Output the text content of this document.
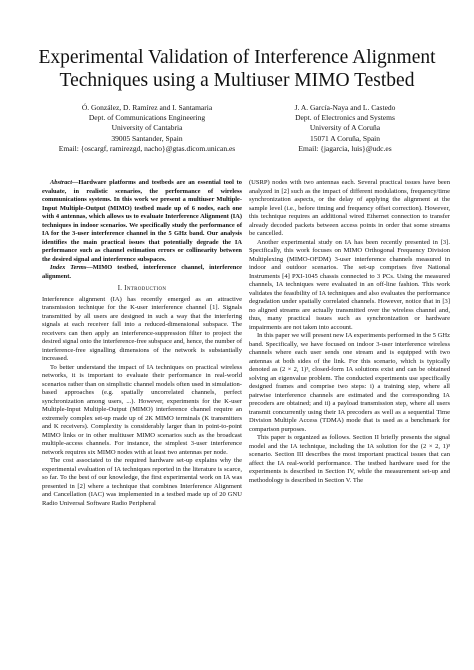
Experimental Validation of Interference Alignment Techniques using a Multiuser MIMO Testbed
Ó. González, D. Ramírez and I. Santamaria
Dept. of Communications Engineering
University of Cantabria
39005 Santander, Spain
Email: {oscargf, ramirezgd, nacho}@gtas.dicom.unican.es
J. A. García-Naya and L. Castedo
Dept. of Electronics and Systems
University of A Coruña
15071 A Coruña, Spain
Email: {jagarcia, luis}@udc.es

Abstract—Hardware platforms and testbeds are an essential tool to evaluate, in realistic scenarios, the performance of wireless communications systems. In this work we present a multiuser Multiple-Input Multiple-Output (MIMO) testbed made up of 6 nodes, each one with 4 antennas, which allows us to evaluate Interference Alignment (IA) techniques in indoor scenarios. We specifically study the performance of IA for the 3-user interference channel in the 5 GHz band. Our analysis identifies the main practical issues that potentially degrade the IA performance such as channel estimation errors or collinearity between the desired signal and interference subspaces.

Index Terms—MIMO testbed, interference channel, interference alignment.

I. Introduction

Interference alignment (IA) has recently emerged as an attractive transmission technique for the K-user interference channel [1]. Signals transmitted by all users are designed in such a way that the interfering signals at each receiver fall into a reduced-dimensional subspace. The receivers can then apply an interference-suppression filter to project the desired signal onto the interference-free subspace and, hence, the number of interference-free signalling dimensions of the network is substantially increased.

To better understand the impact of IA techniques on practical wireless networks, it is important to evaluate their performance in real-world scenarios rather than on simplistic channel models often used in simulation-based approaches (e.g. spatially uncorrelated channels, perfect synchronization among users, ...). However, experiments for the K-user Multiple-Input Multiple-Output (MIMO) interference channel require an extremely complex set-up made up of 2K MIMO terminals (K transmitters and K receivers). Complexity is considerably larger than in point-to-point MIMO links or in other multiuser MIMO scenarios such as the broadcast multiple-access channels. For instance, the simplest 3-user interference network requires six MIMO nodes with at least two antennas per node.

The cost associated to the required hardware set-up explains why the experimental evaluation of IA techniques reported in the literature is scarce, so far. To the best of our knowledge, the first experimental work on IA was presented in [2] where a technique that combines Interference Alignment and Cancellation (IAC) was implemented in a testbed made up of 20 GNU Radio Universal Software Radio Peripheral

(USRP) nodes with two antennas each. Several practical issues have been analyzed in [2] such as the impact of different modulations, frequency/time synchronization aspects, or the delay of applying the alignment at the sample level (i.e., before timing and frequency offset correction). However, this technique requires an additional wired Ethernet connection to transfer already decoded packets between access points in order that some streams be cancelled.

Another experimental study on IA has been recently presented in [3]. Specifically, this work focuses on MIMO Orthogonal Frequency Division Multiplexing (MIMO-OFDM) 3-user interference channels measured in indoor and outdoor scenarios. The set-up comprises five National Instruments [4] PXI-1045 chassis connected to 3 PCs. Using the measured channels, IA techniques were evaluated in an off-line fashion. This work validates the feasibility of IA techniques and also evaluates the performance degradation under spatially correlated channels. However, notice that in [3] no aligned streams are actually transmitted over the wireless channel and, thus, many practical issues such as synchronization or hardware impairments are not taken into account.

In this paper we will present new IA experiments performed in the 5 GHz band. Specifically, we have focused on indoor 3-user interference wireless channels where each user sends one stream and is equipped with two antennas at both sides of the link. For this scenario, which is typically denoted as (2 × 2, 1)³, closed-form IA solutions exist and can be obtained solving an eigenvalue problem. The conducted experiments use specifically designed frames and comprise two steps: i) a training step, where all pairwise interference channels are estimated and the corresponding IA precoders are obtained; and ii) a payload transmission step, where all users transmit concurrently using their IA precoders as well as a sequential Time Division Multiple Access (TDMA) mode that is used as a benchmark for comparison purposes.

This paper is organized as follows. Section II briefly presents the signal model and the IA technique, including the IA solution for the (2 × 2, 1)³ scenario. Section III describes the most important practical issues that can affect the IA real-world performance. The testbed hardware used for the experiments is described in Section IV, while the measurement set-up and methodology is described in Section V. The
